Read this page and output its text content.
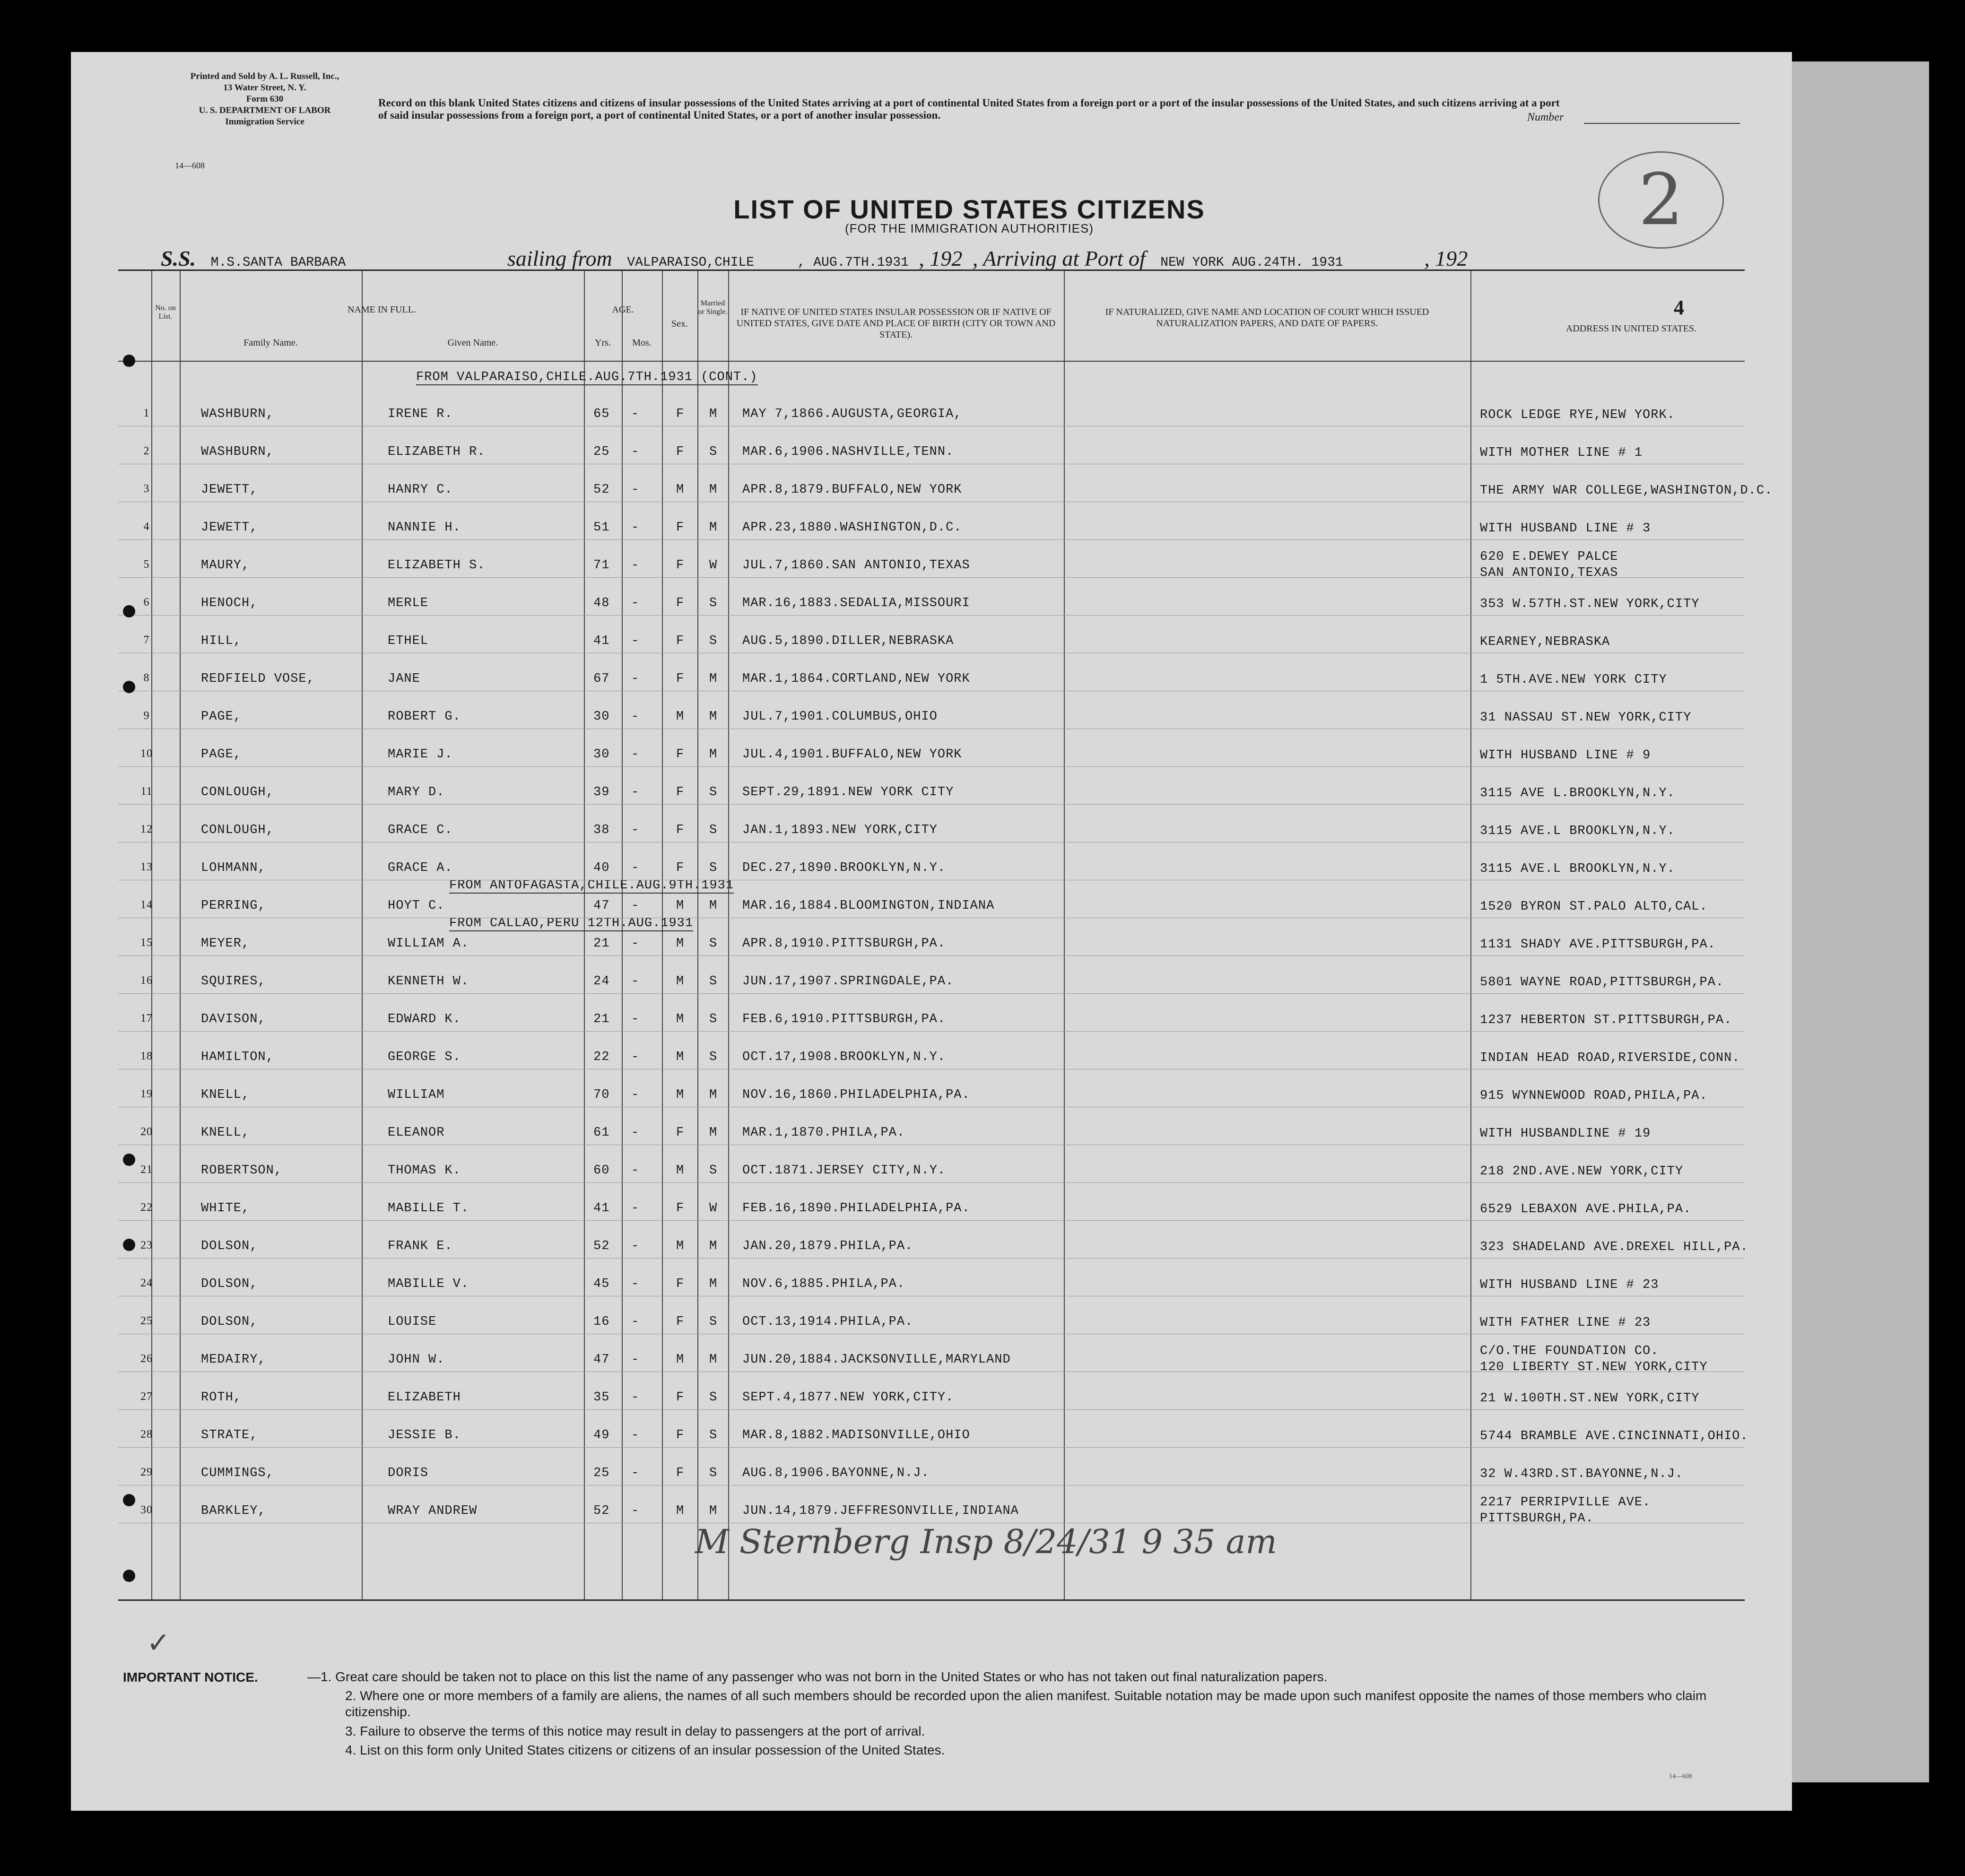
Printed and Sold by A. L. Russell, Inc.,
13 Water Street, N. Y.
Form 630
U. S. DEPARTMENT OF LABOR
Immigration Service
14—608
Record on this blank United States citizens and citizens of insular possessions of the United States arriving at a port of continental United States from a foreign port or a port of the insular possessions of the United States, and such citizens arriving at a port of said insular possessions from a foreign port, a port of continental United States, or a port of another insular possession.	Number
2
LIST OF UNITED STATES CITIZENS
(FOR THE IMMIGRATION AUTHORITIES)
S.S. M.S.SANTA BARBARA	sailing from VALPARAISO,CHILE	, AUG.7TH.1931 , 192 , Arriving at Port of NEW YORK AUG.24TH. 1931	, 192
4
No. on List.
NAME IN FULL.
Family Name.	Given Name.
AGE.
Yrs.	Mos.
Sex.
Married or Single.	IF NATIVE OF UNITED STATES INSULAR POSSESSION OR IF NATIVE OF UNITED STATES, GIVE DATE AND PLACE OF BIRTH (CITY OR TOWN AND STATE).
IF NATURALIZED, GIVE NAME AND LOCATION OF COURT WHICH ISSUED NATURALIZATION PAPERS, AND DATE OF PAPERS.	ADDRESS IN UNITED STATES.
FROM VALPARAISO,CHILE.AUG.7TH.1931 (CONT.)
FROM ANTOFAGASTA,CHILE.AUG.9TH.1931
FROM CALLAO,PERU 12TH.AUG.1931
1	WASHBURN,	IRENE R.	65 -	F M MAY 7,1866.AUGUSTA,GEORGIA,	ROCK LEDGE RYE,NEW YORK.
2	WASHBURN,	ELIZABETH R.	25 -	F S MAR.6,1906.NASHVILLE,TENN.	WITH MOTHER LINE # 1
3	JEWETT,	HANRY C.	52 -	M M APR.8,1879.BUFFALO,NEW YORK	THE ARMY WAR COLLEGE,WASHINGTON,D.C.
4	JEWETT,	NANNIE H.	51 -	F M APR.23,1880.WASHINGTON,D.C.	WITH HUSBAND LINE # 3
5	MAURY,	ELIZABETH S.	71 -	F W JUL.7,1860.SAN ANTONIO,TEXAS
620 E.DEWEY PALCE
SAN ANTONIO,TEXAS
6	HENOCH,	MERLE	48 -	F S MAR.16,1883.SEDALIA,MISSOURI	353 W.57TH.ST.NEW YORK,CITY
7	HILL,	ETHEL	41 -	F S AUG.5,1890.DILLER,NEBRASKA	KEARNEY,NEBRASKA
8	REDFIELD VOSE,	JANE	67 -	F M MAR.1,1864.CORTLAND,NEW YORK	1 5TH.AVE.NEW YORK CITY
9	PAGE,	ROBERT G.	30 -	M M JUL.7,1901.COLUMBUS,OHIO	31 NASSAU ST.NEW YORK,CITY
10	PAGE,	MARIE J.	30 -	F M JUL.4,1901.BUFFALO,NEW YORK	WITH HUSBAND LINE # 9
11	CONLOUGH,	MARY D.	39 -	F S SEPT.29,1891.NEW YORK CITY	3115 AVE L.BROOKLYN,N.Y.
12	CONLOUGH,	GRACE C.	38 -	F S JAN.1,1893.NEW YORK,CITY	3115 AVE.L BROOKLYN,N.Y.
13	LOHMANN,	GRACE A.	40 -	F S DEC.27,1890.BROOKLYN,N.Y.	3115 AVE.L BROOKLYN,N.Y.
14	PERRING,	HOYT C.	47 -	M M MAR.16,1884.BLOOMINGTON,INDIANA	1520 BYRON ST.PALO ALTO,CAL.
15	MEYER,	WILLIAM A.	21 -	M S APR.8,1910.PITTSBURGH,PA.	1131 SHADY AVE.PITTSBURGH,PA.
16	SQUIRES,	KENNETH W.	24 -	M S JUN.17,1907.SPRINGDALE,PA.	5801 WAYNE ROAD,PITTSBURGH,PA.
17	DAVISON,	EDWARD K.	21 -	M S FEB.6,1910.PITTSBURGH,PA.	1237 HEBERTON ST.PITTSBURGH,PA.
18	HAMILTON,	GEORGE S.	22 -	M S OCT.17,1908.BROOKLYN,N.Y.	INDIAN HEAD ROAD,RIVERSIDE,CONN.
19	KNELL,	WILLIAM	70 -	M M NOV.16,1860.PHILADELPHIA,PA.	915 WYNNEWOOD ROAD,PHILA,PA.
20	KNELL,	ELEANOR	61 -	F M MAR.1,1870.PHILA,PA.	WITH HUSBANDLINE # 19
21	ROBERTSON,	THOMAS K.	60 -	M S OCT.1871.JERSEY CITY,N.Y.	218 2ND.AVE.NEW YORK,CITY
22	WHITE,	MABILLE T.	41 -	F W FEB.16,1890.PHILADELPHIA,PA.	6529 LEBAXON AVE.PHILA,PA.
23	DOLSON,	FRANK E.	52 -	M M JAN.20,1879.PHILA,PA.	323 SHADELAND AVE.DREXEL HILL,PA.
24	DOLSON,	MABILLE V.	45 -	F M NOV.6,1885.PHILA,PA.	WITH HUSBAND LINE # 23
25	DOLSON,	LOUISE	16 -	F S OCT.13,1914.PHILA,PA.	WITH FATHER LINE # 23
26	MEDAIRY,	JOHN W.	47 -	M M JUN.20,1884.JACKSONVILLE,MARYLAND
C/O.THE FOUNDATION CO.
120 LIBERTY ST.NEW YORK,CITY
27	ROTH,	ELIZABETH	35 -	F S SEPT.4,1877.NEW YORK,CITY.	21 W.100TH.ST.NEW YORK,CITY
28	STRATE,	JESSIE B.	49 -	F S MAR.8,1882.MADISONVILLE,OHIO	5744 BRAMBLE AVE.CINCINNATI,OHIO.
29	CUMMINGS,	DORIS	25 -	F S AUG.8,1906.BAYONNE,N.J.	32 W.43RD.ST.BAYONNE,N.J.
30	BARKLEY,	WRAY ANDREW	52 -	M M JUN.14,1879.JEFFRESONVILLE,INDIANA
2217 PERRIPVILLE AVE.
PITTSBURGH,PA.
M Sternberg Insp 8/24/31 9 35 am
✓
IMPORTANT NOTICE.	—1. Great care should be taken not to place on this list the name of any passenger who was not born in the United States or who has not taken out final naturalization papers.
2. Where one or more members of a family are aliens, the names of all such members should be recorded upon the alien manifest. Suitable notation may be made upon such manifest opposite the names of those members who claim citizenship.
3. Failure to observe the terms of this notice may result in delay to passengers at the port of arrival.
4. List on this form only United States citizens or citizens of an insular possession of the United States.
14—608
